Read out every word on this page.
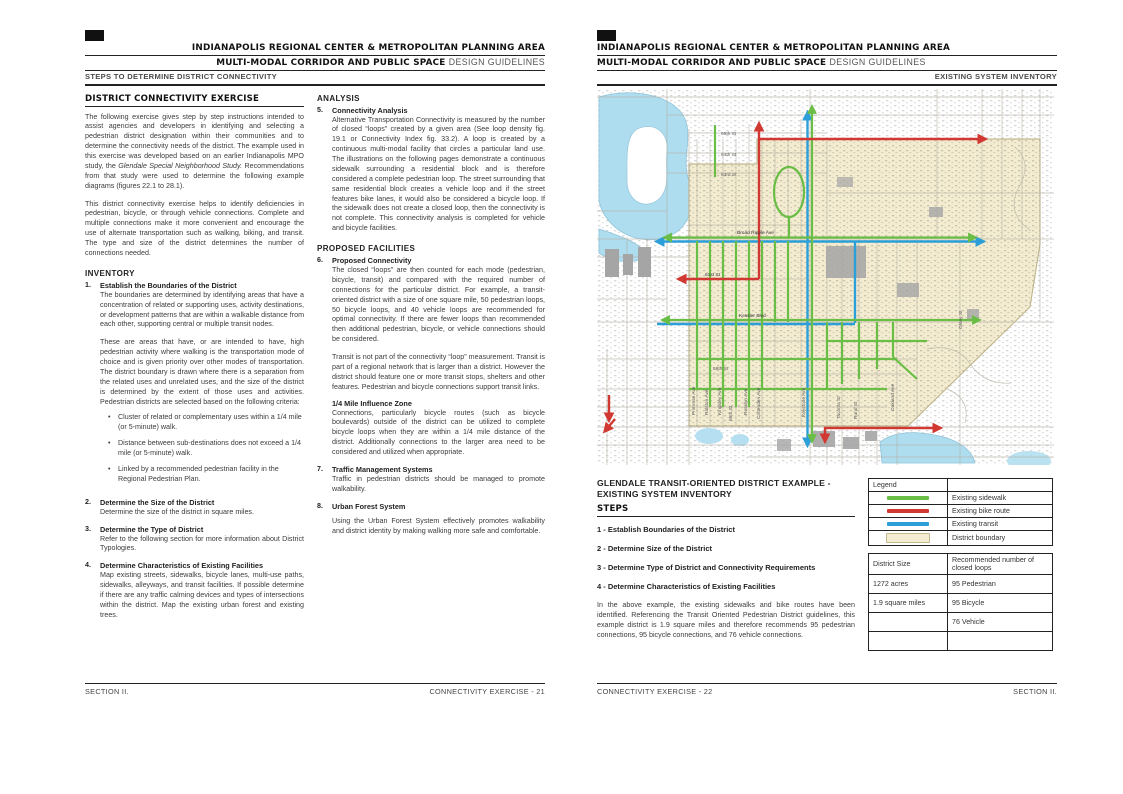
INDIANAPOLIS REGIONAL CENTER & METROPOLITAN PLANNING AREA
MULTI-MODAL CORRIDOR AND PUBLIC SPACE DESIGN GUIDELINES
STEPS TO DETERMINE DISTRICT CONNECTIVITY
DISTRICT CONNECTIVITY EXERCISE

The following exercise gives step by step instructions intended to assist agencies and developers in identifying and selecting a pedestrian district designation within their communities and to determine the connectivity needs of the district. The example used in this exercise was developed based on an earlier Indianapolis MPO study, the Glendale Special Neighborhood Study. Recommendations from that study were used to determine the following example diagrams (figures 22.1 to 28.1).

This district connectivity exercise helps to identify deficiencies in pedestrian, bicycle, or through vehicle connections. Complete and multiple connections make it more convenient and encourage the use of alternate transportation such as walking, biking, and transit. The type and size of the district determines the number of connections needed.

INVENTORY
1.	Establish the Boundaries of the District
The boundaries are determined by identifying areas that have a concentration of related or supporting uses, activity destinations, or development patterns that are within a walkable distance from each other, supporting central or multiple transit nodes.
These are areas that have, or are intended to have, high pedestrian activity where walking is the transportation mode of choice and is given priority over other modes of transportation. The district boundary is drawn where there is a separation from the related uses and unrelated uses, and the size of the district is determined by the extent of those uses and activities. Pedestrian districts are selected based on the following criteria:
• Cluster of related or complementary uses within a 1/4 mile (or 5-minute) walk.
• Distance between sub-destinations does not exceed a 1/4 mile (or 5-minute) walk.
• Linked by a recommended pedestrian facility in the Regional Pedestrian Plan.
2.	Determine the Size of the District
Determine the size of the district in square miles.
3.	Determine the Type of District
Refer to the following section for more information about District Typologies.
4.	Determine Characteristics of Existing Facilities
Map existing streets, sidewalks, bicycle lanes, multi-use paths, sidewalks, alleyways, and transit facilities. If possible determine if there are any traffic calming devices and types of intersections within the district. Map the existing urban forest and existing trees.
ANALYSIS
5.	Connectivity Analysis
Alternative Transportation Connectivity is measured by the number of closed “loops” created by a given area (See loop density fig. 19.1 or Connectivity Index fig. 33.2). A loop is created by a continuous multi-modal facility that circles a particular land use. The illustrations on the following pages demonstrate a continuous sidewalk surrounding a residential block and is therefore considered a complete pedestrian loop. The street surrounding that same residential block creates a vehicle loop and if the street features bike lanes, it would also be considered a bicycle loop. If the sidewalk does not create a closed loop, then the connectivity is not complete. This connectivity analysis is completed for vehicle and bicycle facilities.
PROPOSED FACILITIES
6.	Proposed Connectivity
The closed “loops” are then counted for each mode (pedestrian, bicycle, transit) and compared with the required number of connections for the particular district. For example, a transit-oriented district with a size of one square mile, 50 pedestrian loops, 50 bicycle loops, and 40 vehicle loops are recommended for optimal connectivity. If there are fewer loops than recommended then additional pedestrian, bicycle, or vehicle connections should be considered.
Transit is not part of the connectivity “loop” measurement. Transit is part of a regional network that is larger than a district. However the district should feature one or more transit stops, shelters and other features. Pedestrian and bicycle connections support transit links.
1/4 Mile Influence Zone
Connections, particularly bicycle routes (such as bicycle boulevards) outside of the district can be utilized to complete bicycle loops when they are within a 1/4 mile distance of the district. Additionally connections to the larger area need to be considered and utilized when appropriate.
7.	Traffic Management Systems
Traffic in pedestrian districts should be managed to promote walkability.
8.	Urban Forest System
Using the Urban Forest System effectively promotes walkability and district identity by making walking more safe and comfortable.
SECTION II.	CONNECTIVITY EXERCISE - 21
INDIANAPOLIS REGIONAL CENTER & METROPOLITAN PLANNING AREA
MULTI-MODAL CORRIDOR AND PUBLIC SPACE DESIGN GUIDELINES
EXISTING SYSTEM INVENTORY
65th St
64th St
63rd St
Broad Ripple Ave
61st St
Kessler Blvd
58th St
56th St
Primrose Ave Ralston Ave Kingsley Ave	Rosslyn Ave Crittenden Ave	Keystone Ave	Tacoma St	Rural St	Oakland Ave
Olney St
GLENDALE TRANSIT-ORIENTED DISTRICT EXAMPLE - EXISTING SYSTEM INVENTORY
STEPS
1 - Establish Boundaries of the District
2 - Determine Size of the District
3 - Determine Type of District and Connectivity Requirements
4 - Determine Characteristics of Existing Facilities

In the above example, the existing sidewalks and bike routes have been identified. Referencing the Transit Oriented Pedestrian District guidelines, this example district is 1.9 square miles and therefore recommends 95 pedestrian connections, 95 bicycle connections, and 76 vehicle connections.

Legend	
	Existing sidewalk
	Existing bike route
	Existing transit
	District boundary
District Size	Recommended number of closed loops
1272 acres	95 Pedestrian
1.9 square miles	95 Bicycle
	76 Vehicle

CONNECTIVITY EXERCISE - 22	SECTION II.
